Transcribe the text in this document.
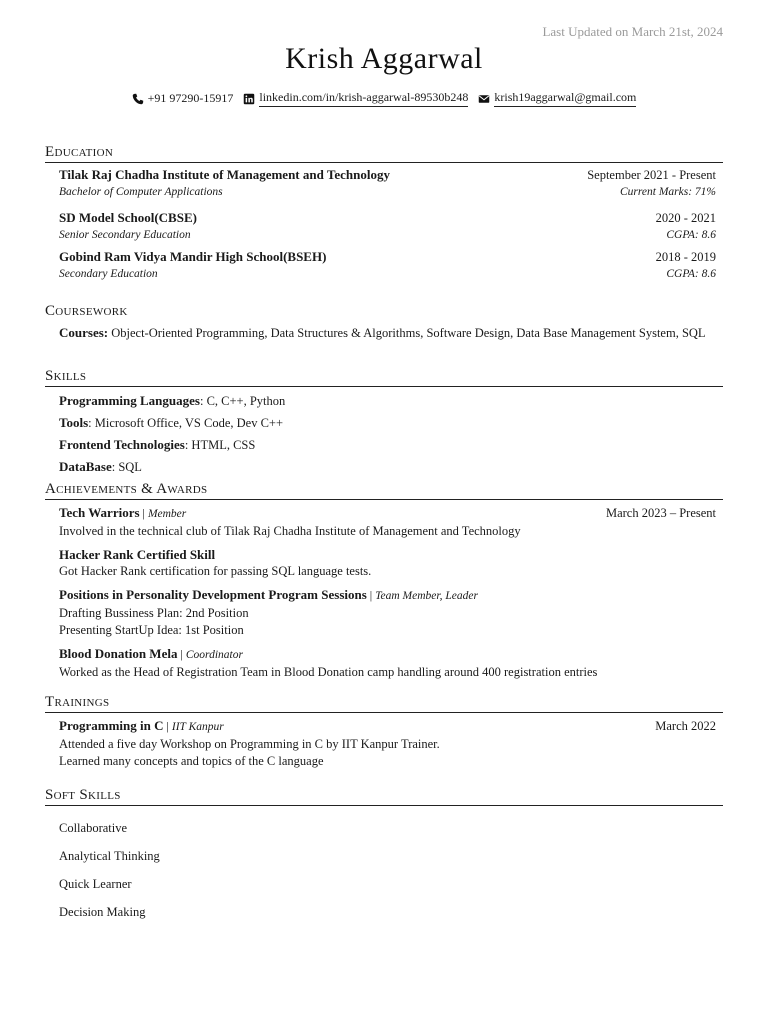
Last Updated on March 21st, 2024
Krish Aggarwal
+91 97290-15917 linkedin.com/in/krish-aggarwal-89530b248 krish19aggarwal@gmail.com
Education
Tilak Raj Chadha Institute of Management and Technology	September 2021 - Present
Bachelor of Computer Applications	Current Marks: 71%
SD Model School(CBSE)	2020 - 2021
Senior Secondary Education	CGPA: 8.6
Gobind Ram Vidya Mandir High School(BSEH)	2018 - 2019
Secondary Education	CGPA: 8.6
Coursework
Courses: Object-Oriented Programming, Data Structures & Algorithms, Software Design, Data Base Management System, SQL
Skills
Programming Languages: C, C++, Python
Tools: Microsoft Office, VS Code, Dev C++
Frontend Technologies: HTML, CSS
DataBase: SQL
Achievements & Awards
Tech Warriors | Member	March 2023 – Present
Involved in the technical club of Tilak Raj Chadha Institute of Management and Technology
Hacker Rank Certified Skill
Got Hacker Rank certification for passing SQL language tests.
Positions in Personality Development Program Sessions | Team Member, Leader
Drafting Bussiness Plan: 2nd Position
Presenting StartUp Idea: 1st Position
Blood Donation Mela | Coordinator
Worked as the Head of Registration Team in Blood Donation camp handling around 400 registration entries
Trainings
Programming in C | IIT Kanpur	March 2022
Attended a five day Workshop on Programming in C by IIT Kanpur Trainer.
Learned many concepts and topics of the C language
Soft Skills
Collaborative
Analytical Thinking
Quick Learner
Decision Making
